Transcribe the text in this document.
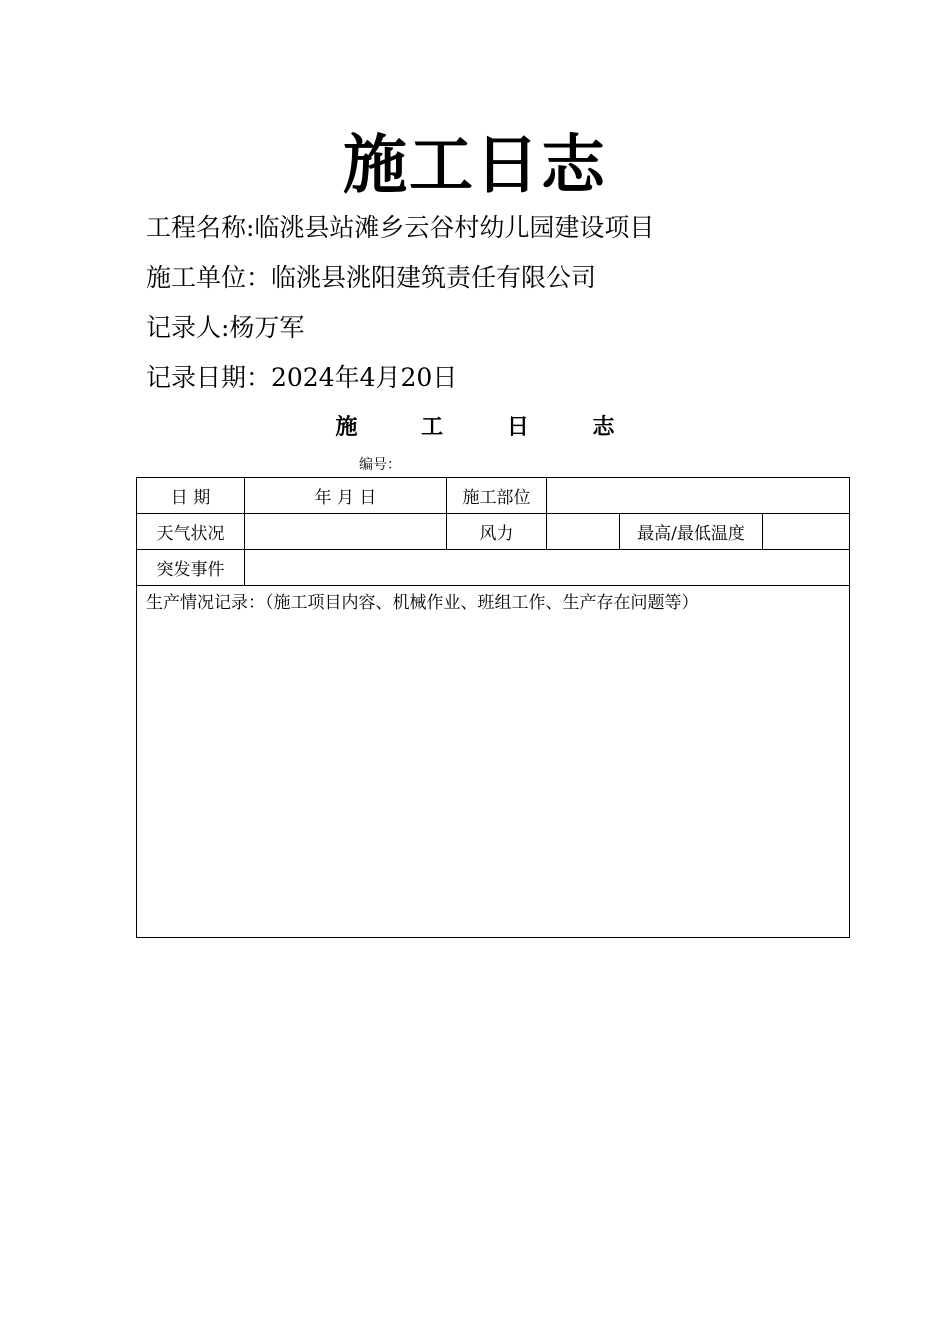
施工日志
工程名称:临洮县站滩乡云谷村幼儿园建设项目
施工单位：临洮县洮阳建筑责任有限公司
记录人:杨万军
记录日期：2024年4月20日
施 工 日 志
编号：
日 期	年 月 日	施工部位			
天气状况		风力		最高/最低温度	
突发事件					
生产情况记录：（施工项目内容、机械作业、班组工作、生产存在问题等）					
